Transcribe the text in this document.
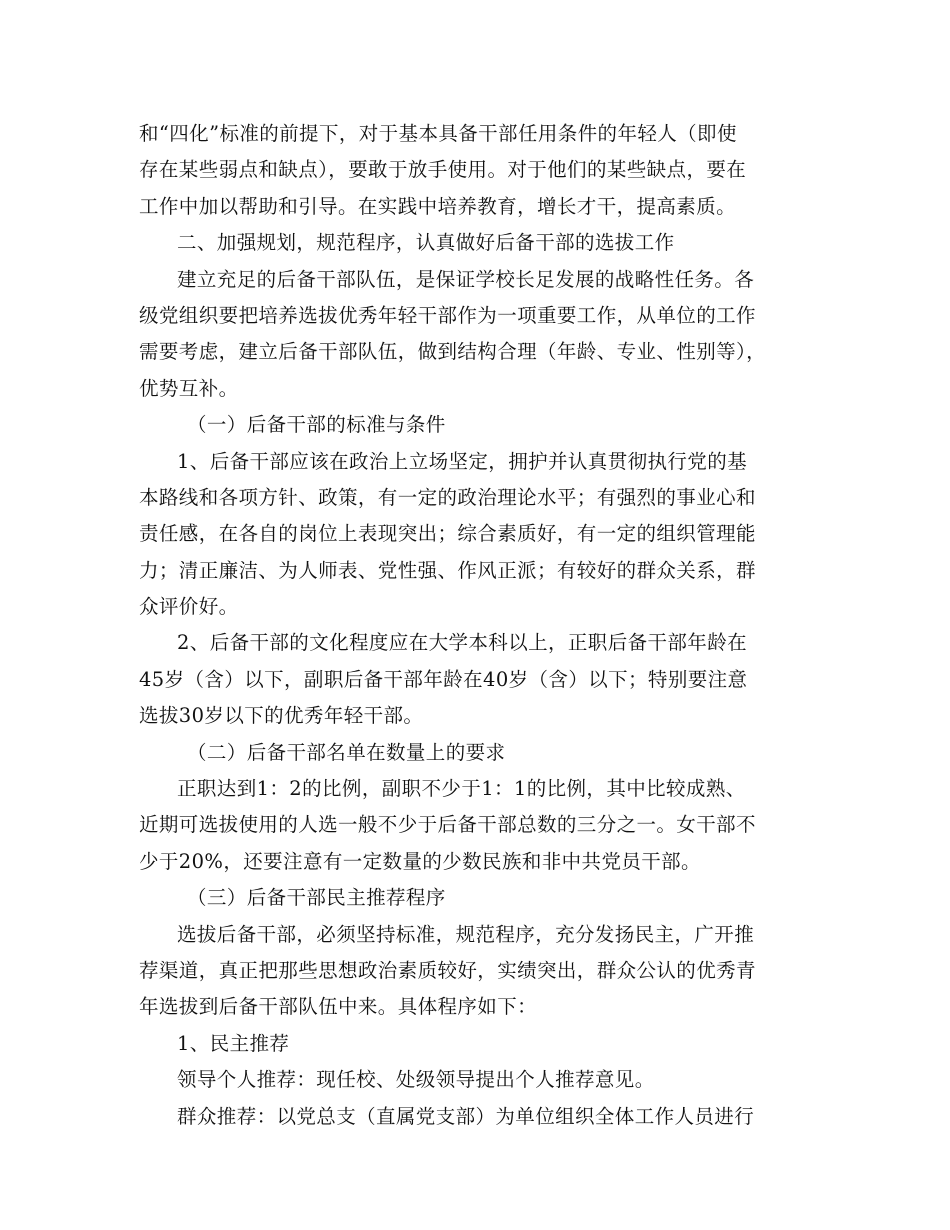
和“四化”标准的前提下，对于基本具备干部任用条件的年轻人（即使
存在某些弱点和缺点），要敢于放手使用。对于他们的某些缺点，要在
工作中加以帮助和引导。在实践中培养教育，增长才干，提高素质。
二、加强规划，规范程序，认真做好后备干部的选拔工作
建立充足的后备干部队伍，是保证学校长足发展的战略性任务。各
级党组织要把培养选拔优秀年轻干部作为一项重要工作，从单位的工作
需要考虑，建立后备干部队伍，做到结构合理（年龄、专业、性别等），
优势互补。
（一）后备干部的标准与条件
1、后备干部应该在政治上立场坚定，拥护并认真贯彻执行党的基
本路线和各项方针、政策，有一定的政治理论水平；有强烈的事业心和
责任感，在各自的岗位上表现突出；综合素质好，有一定的组织管理能
力；清正廉洁、为人师表、党性强、作风正派；有较好的群众关系，群
众评价好。
2、后备干部的文化程度应在大学本科以上，正职后备干部年龄在
45岁（含）以下，副职后备干部年龄在40岁（含）以下；特别要注意
选拔30岁以下的优秀年轻干部。
（二）后备干部名单在数量上的要求
正职达到1：2的比例，副职不少于1：1的比例，其中比较成熟、
近期可选拔使用的人选一般不少于后备干部总数的三分之一。女干部不
少于20%，还要注意有一定数量的少数民族和非中共党员干部。
（三）后备干部民主推荐程序
选拔后备干部，必须坚持标准，规范程序，充分发扬民主，广开推
荐渠道，真正把那些思想政治素质较好，实绩突出，群众公认的优秀青
年选拔到后备干部队伍中来。具体程序如下：
1、民主推荐
领导个人推荐：现任校、处级领导提出个人推荐意见。
群众推荐：以党总支（直属党支部）为单位组织全体工作人员进行
